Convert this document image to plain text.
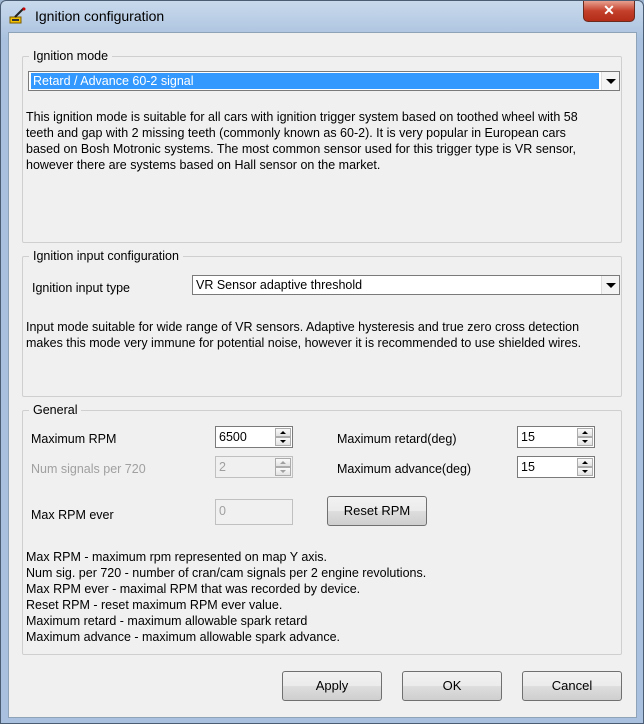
Ignition configuration	✕
Ignition mode
Retard / Advance 60-2 signal
This ignition mode is suitable for all cars with ignition trigger system based on toothed wheel with 58
teeth and gap with 2 missing teeth (commonly known as 60-2). It is very popular in European cars
based on Bosh Motronic systems. The most common sensor used for this trigger type is VR sensor,
however there are systems based on Hall sensor on the market.
Ignition input configuration
Ignition input type	VR Sensor adaptive threshold
Input mode suitable for wide range of VR sensors. Adaptive hysteresis and true zero cross detection
makes this mode very immune for potential noise, however it is recommended to use shielded wires.
General
Maximum RPM	6500
Num signals per 720	2
Max RPM ever	0
Maximum retard(deg)	15
Maximum advance(deg)	15
Reset RPM
Max RPM - maximum rpm represented on map Y axis.
Num sig. per 720 - number of cran/cam signals per 2 engine revolutions.
Max RPM ever - maximal RPM that was recorded by device.
Reset RPM - reset maximum RPM ever value.
Maximum retard - maximum allowable spark retard
Maximum advance - maximum allowable spark advance.
Apply	OK	Cancel
